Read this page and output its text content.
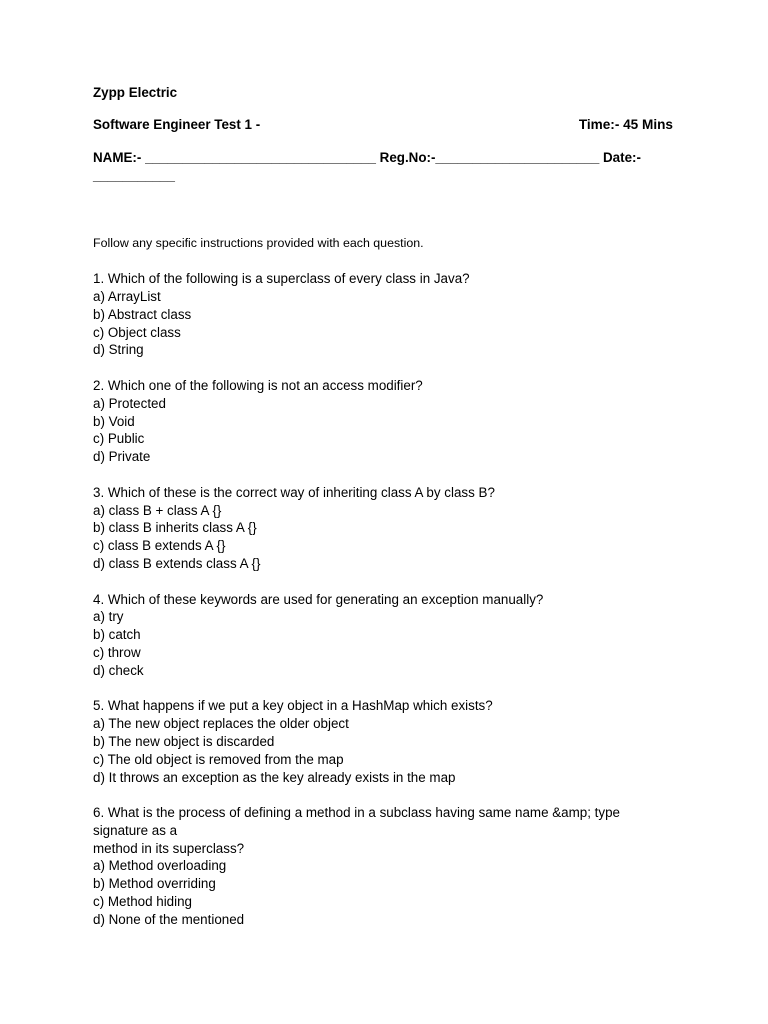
Zypp Electric
Software Engineer Test 1 -	Time:- 45 Mins
NAME:- _______________________________ Reg.No:-______________________ Date:-
___________
Follow any specific instructions provided with each question.
1. Which of the following is a superclass of every class in Java?
a) ArrayList
b) Abstract class
c) Object class
d) String
2. Which one of the following is not an access modifier?
a) Protected
b) Void
c) Public
d) Private
3. Which of these is the correct way of inheriting class A by class B?
a) class B + class A {}
b) class B inherits class A {}
c) class B extends A {}
d) class B extends class A {}
4. Which of these keywords are used for generating an exception manually?
a) try
b) catch
c) throw
d) check
5. What happens if we put a key object in a HashMap which exists?
a) The new object replaces the older object
b) The new object is discarded
c) The old object is removed from the map
d) It throws an exception as the key already exists in the map
6. What is the process of defining a method in a subclass having same name &amp; type
signature as a
method in its superclass?
a) Method overloading
b) Method overriding
c) Method hiding
d) None of the mentioned
